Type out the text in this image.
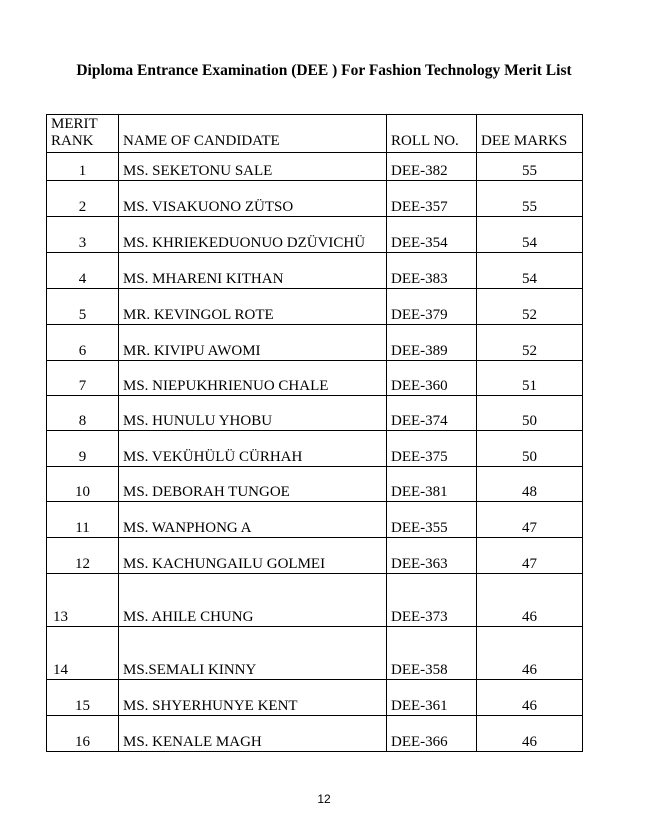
Diploma Entrance Examination (DEE ) For Fashion Technology Merit List
MERIT
RANK	NAME OF CANDIDATE	ROLL NO.	DEE MARKS
1	MS. SEKETONU SALE	DEE-382	55
2	MS. VISAKUONO ZÜTSO	DEE-357	55
3	MS. KHRIEKEDUONUO DZÜVICHÜ	DEE-354	54
4	MS. MHARENI KITHAN	DEE-383	54
5	MR. KEVINGOL ROTE	DEE-379	52
6	MR. KIVIPU AWOMI	DEE-389	52
7	MS. NIEPUKHRIENUO CHALE	DEE-360	51
8	MS. HUNULU YHOBU	DEE-374	50
9	MS. VEKÜHÜLÜ CÜRHAH	DEE-375	50
10	MS. DEBORAH TUNGOE	DEE-381	48
11	MS. WANPHONG A	DEE-355	47
12	MS. KACHUNGAILU GOLMEI	DEE-363	47
13	MS. AHILE CHUNG	DEE-373	46
14	MS.SEMALI KINNY	DEE-358	46
15	MS. SHYERHUNYE KENT	DEE-361	46
16	MS. KENALE MAGH	DEE-366	46
12
